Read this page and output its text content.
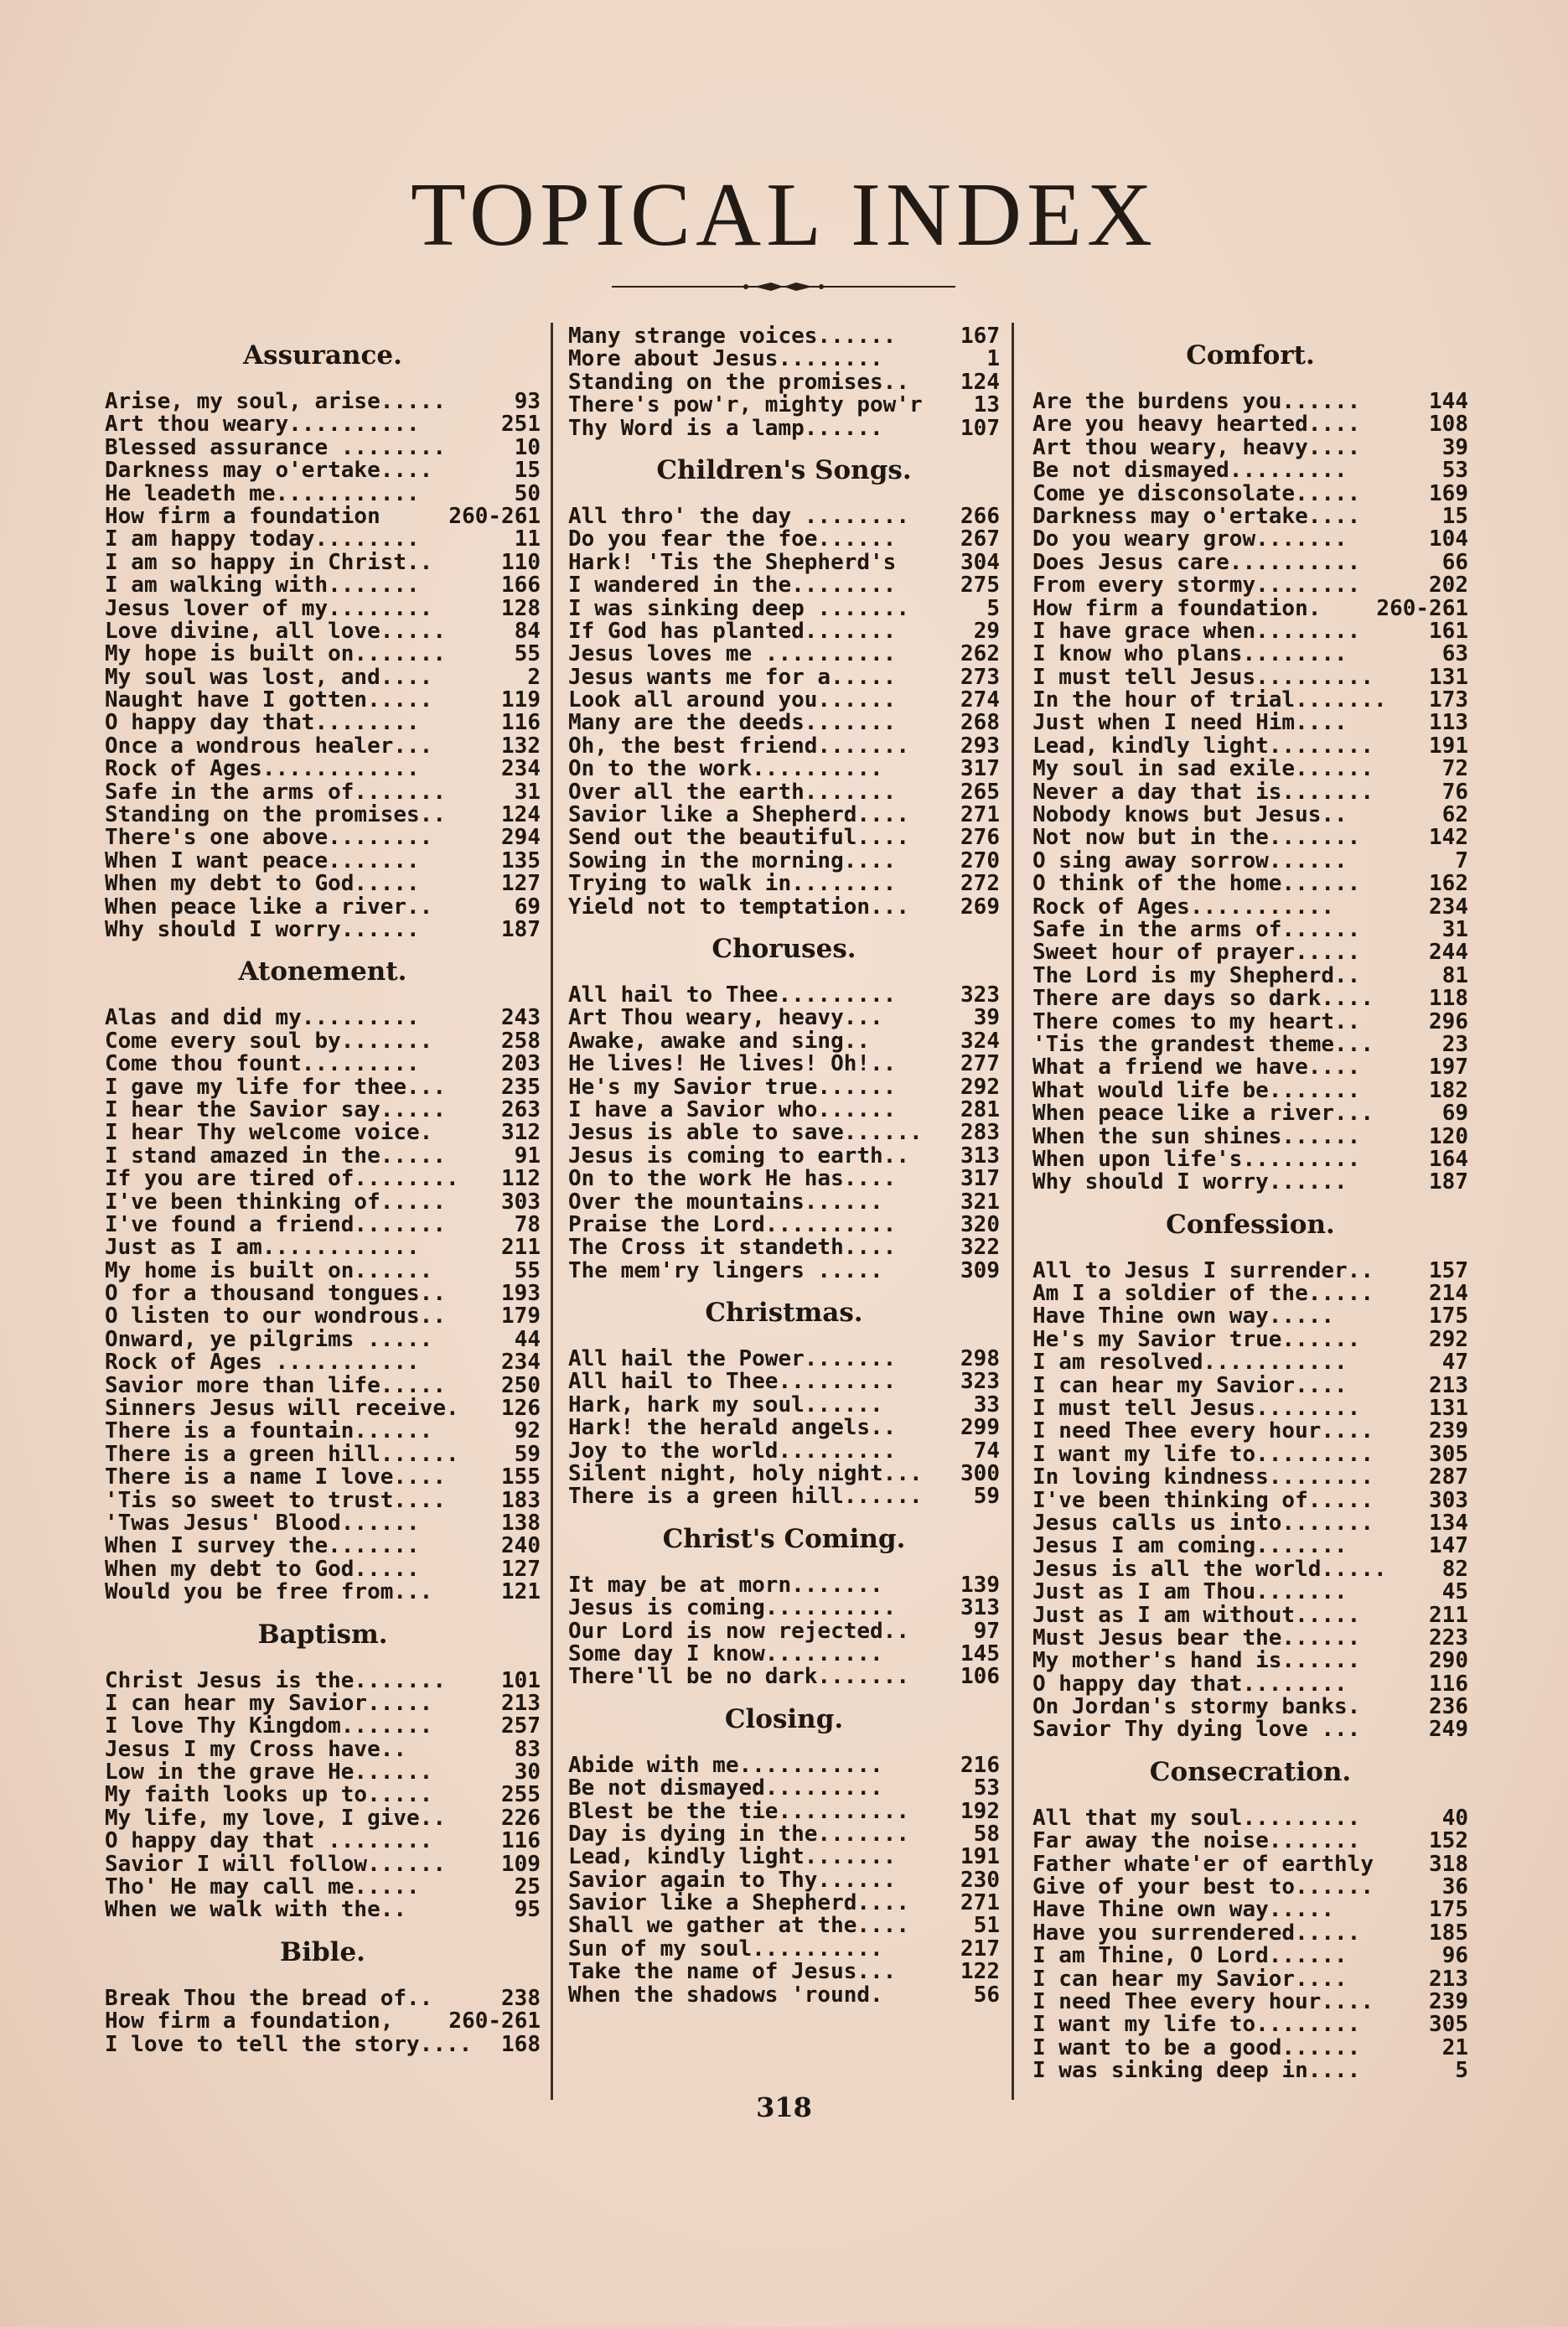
TOPICAL INDEX
Assurance.
Arise, my soul, arise.....	93
Art thou weary..........	251
Blessed assurance ........	10
Darkness may o'ertake....	15
He leadeth me...........	50
How firm a foundation	260-261
I am happy today........	11
I am so happy in Christ..	110
I am walking with.......	166
Jesus lover of my........	128
Love divine, all love.....	84
My hope is built on.......	55
My soul was lost, and....	2
Naught have I gotten.....	119
O happy day that........	116
Once a wondrous healer...	132
Rock of Ages............	234
Safe in the arms of.......	31
Standing on the promises..	124
There's one above........	294
When I want peace.......	135
When my debt to God.....	127
When peace like a river..	69
Why should I worry......	187
Atonement.
Alas and did my.........	243
Come every soul by.......	258
Come thou fount.........	203
I gave my life for thee...	235
I hear the Savior say.....	263
I hear Thy welcome voice.	312
I stand amazed in the.....	91
If you are tired of........ 112
I've been thinking of.....	303
I've found a friend.......	78
Just as I am............	211
My home is built on......	55
O for a thousand tongues..	193
O listen to our wondrous..	179
Onward, ye pilgrims .....	44
Rock of Ages ...........	234
Savior more than life.....	250
Sinners Jesus will receive. 126
There is a fountain......	92
There is a green hill......	59
There is a name I love....	155
'Tis so sweet to trust....	183
'Twas Jesus' Blood......	138
When I survey the.......	240
When my debt to God.....	127
Would you be free from...	121
Baptism.
Christ Jesus is the.......	101
I can hear my Savior.....	213
I love Thy Kingdom.......	257
Jesus I my Cross have..	83
Low in the grave He......	30
My faith looks up to.....	255
My life, my love, I give..	226
O happy day that ........	116
Savior I will follow......	109
Tho' He may call me.....	25
When we walk with the..	95
Bible.
Break Thou the bread of..	238
How firm a foundation,	260-261
I love to tell the story.... 168
Many strange voices......	167
More about Jesus........	1
Standing on the promises.. 124
There's pow'r, mighty pow'r 13
Thy Word is a lamp......	107
Children's Songs.
All thro' the day ........ 266
Do you fear the foe......	267
Hark! 'Tis the Shepherd's	304
I wandered in the........	275
I was sinking deep .......	5
If God has planted.......	29
Jesus loves me ..........	262
Jesus wants me for a.....	273
Look all around you......	274
Many are the deeds.......	268
Oh, the best friend....... 293
On to the work..........	317
Over all the earth.......	265
Savior like a Shepherd.... 271
Send out the beautiful.... 276
Sowing in the morning....	270
Trying to walk in........	272
Yield not to temptation... 269
Choruses.
All hail to Thee.........	323
Art Thou weary, heavy...	39
Awake, awake and sing..	324
He lives! He lives! Oh!..	277
He's my Savior true......	292
I have a Savior who......	281
Jesus is able to save...... 283
Jesus is coming to earth.. 313
On to the work He has....	317
Over the mountains......	321
Praise the Lord..........	320
The Cross it standeth....	322
The mem'ry lingers .....	309
Christmas.
All hail the Power.......	298
All hail to Thee.........	323
Hark, hark my soul......	33
Hark! the herald angels..	299
Joy to the world.........	74
Silent night, holy night... 300
There is a green hill...... 59
Christ's Coming.
It may be at morn.......	139
Jesus is coming..........	313
Our Lord is now rejected..	97
Some day I know.........	145
There'll be no dark....... 106
Closing.
Abide with me...........	216
Be not dismayed.........	53
Blest be the tie.......... 192
Day is dying in the.......	58
Lead, kindly light.......	191
Savior again to Thy......	230
Savior like a Shepherd.... 271
Shall we gather at the....	51
Sun of my soul..........	217
Take the name of Jesus...	122
When the shadows 'round.	56
Comfort.
Are the burdens you......	144
Are you heavy hearted....	108
Art thou weary, heavy....	39
Be not dismayed.........	53
Come ye disconsolate.....	169
Darkness may o'ertake....	15
Do you weary grow.......	104
Does Jesus care..........	66
From every stormy........	202
How firm a foundation.	260-261
I have grace when........	161
I know who plans........	63
I must tell Jesus.........	131
In the hour of trial....... 173
Just when I need Him....	113
Lead, kindly light........	191
My soul in sad exile......	72
Never a day that is.......	76
Nobody knows but Jesus..	62
Not now but in the.......	142
O sing away sorrow......	7
O think of the home......	162
Rock of Ages...........	234
Safe in the arms of......	31
Sweet hour of prayer.....	244
The Lord is my Shepherd..	81
There are days so dark....	118
There comes to my heart..	296
'Tis the grandest theme...	23
What a friend we have....	197
What would life be.......	182
When peace like a river...	69
When the sun shines......	120
When upon life's.........	164
Why should I worry......	187
Confession.
All to Jesus I surrender..	157
Am I a soldier of the.....	214
Have Thine own way.....	175
He's my Savior true......	292
I am resolved...........	47
I can hear my Savior....	213
I must tell Jesus........	131
I need Thee every hour....	239
I want my life to.........	305
In loving kindness........	287
I've been thinking of.....	303
Jesus calls us into.......	134
Jesus I am coming.......	147
Jesus is all the world.....	82
Just as I am Thou.......	45
Just as I am without.....	211
Must Jesus bear the......	223
My mother's hand is......	290
O happy day that........	116
On Jordan's stormy banks.	236
Savior Thy dying love ...	249
Consecration.
All that my soul.........	40
Far away the noise.......	152
Father whate'er of earthly	318
Give of your best to......	36
Have Thine own way.....	175
Have you surrendered.....	185
I am Thine, O Lord......	96
I can hear my Savior....	213
I need Thee every hour....	239
I want my life to........	305
I want to be a good......	21
I was sinking deep in....	5
318
